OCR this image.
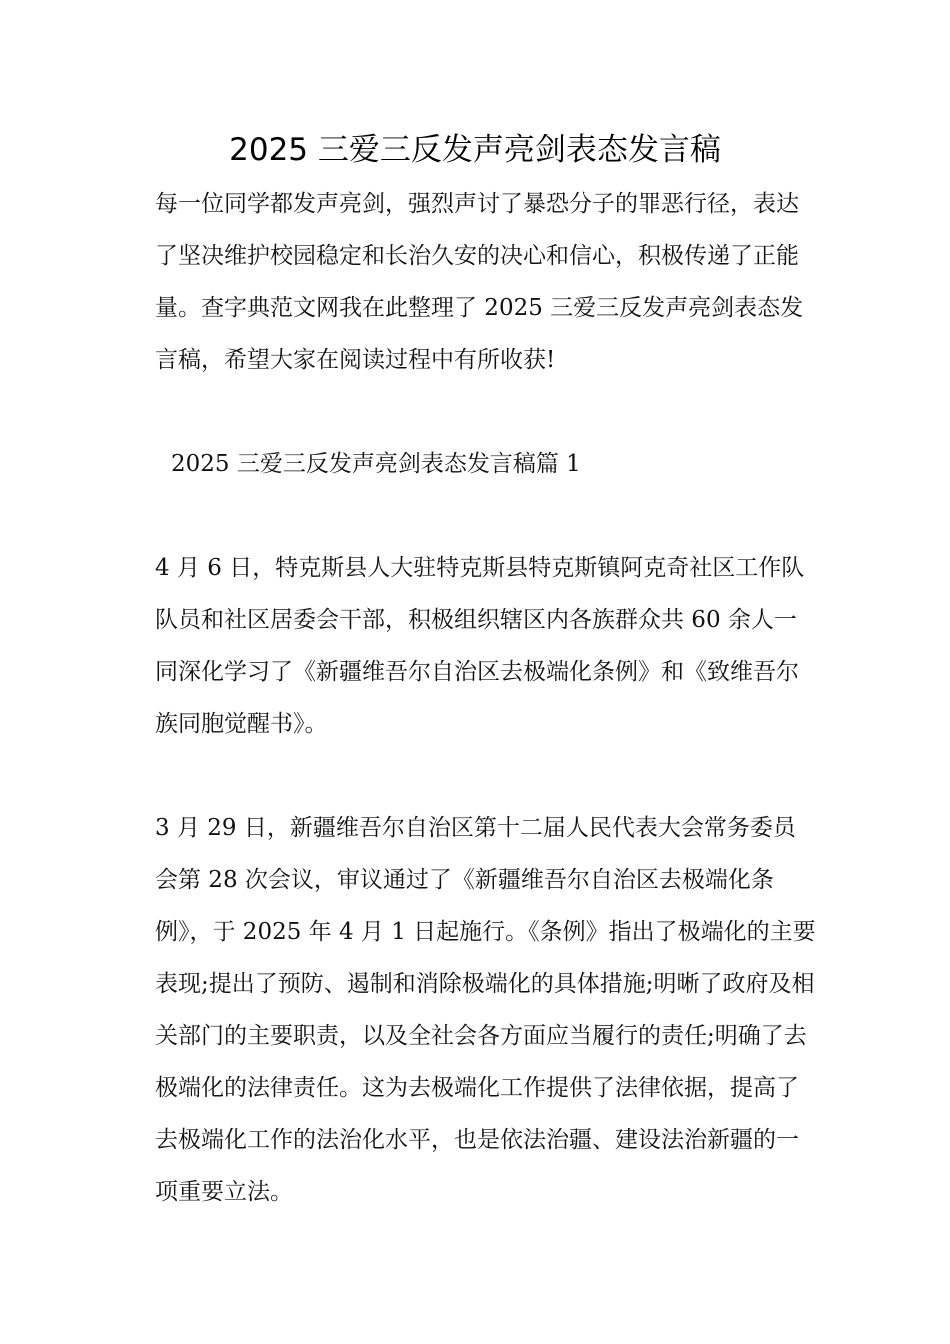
2025 三爱三反发声亮剑表态发言稿

每一位同学都发声亮剑，强烈声讨了暴恐分子的罪恶行径，表达了坚决维护校园稳定和长治久安的决心和信心，积极传递了正能量。查字典范文网我在此整理了 2025 三爱三反发声亮剑表态发言稿，希望大家在阅读过程中有所收获!

2025 三爱三反发声亮剑表态发言稿篇 1

4 月 6 日，特克斯县人大驻特克斯县特克斯镇阿克奇社区工作队队员和社区居委会干部，积极组织辖区内各族群众共 60 余人一同深化学习了《新疆维吾尔自治区去极端化条例》和《致维吾尔族同胞觉醒书》。

3 月 29 日，新疆维吾尔自治区第十二届人民代表大会常务委员会第 28 次会议，审议通过了《新疆维吾尔自治区去极端化条例》，于 2025 年 4 月 1 日起施行。《条例》指出了极端化的主要表现;提出了预防、遏制和消除极端化的具体措施;明晰了政府及相关部门的主要职责，以及全社会各方面应当履行的责任;明确了去极端化的法律责任。这为去极端化工作提供了法律依据，提高了去极端化工作的法治化水平，也是依法治疆、建设法治新疆的一项重要立法。
